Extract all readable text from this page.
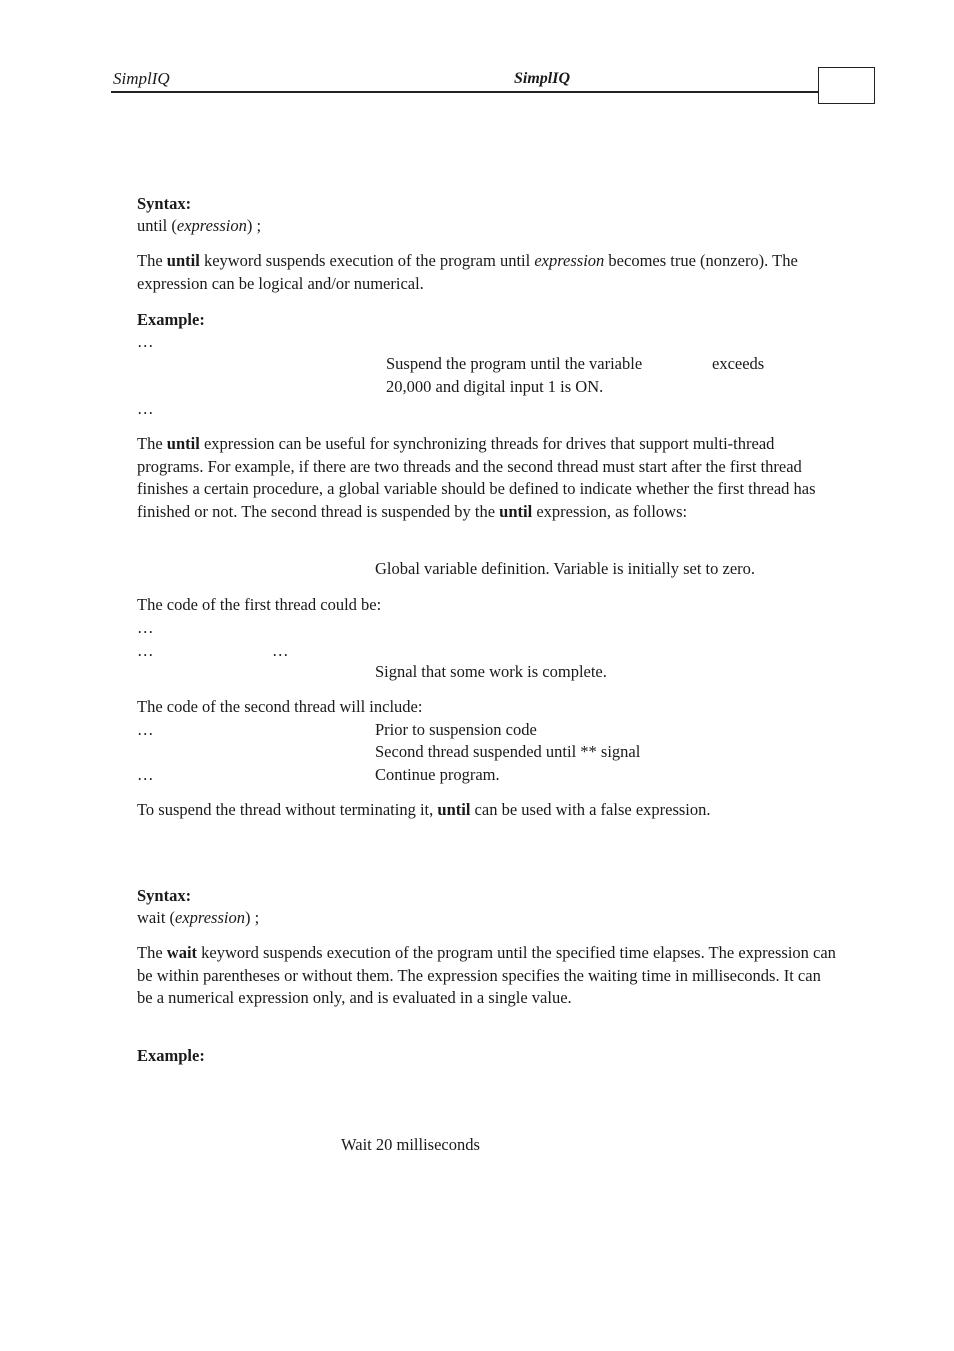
SimplIQ	SimplIQ
Syntax:
until (expression) ;
The until keyword suspends execution of the program until expression becomes true (nonzero). The expression can be logical and/or numerical.
Example:
…
Suspend the program until the variable	exceeds
20,000 and digital input 1 is ON.
…
The until expression can be useful for synchronizing threads for drives that support multi-thread programs. For example, if there are two threads and the second thread must start after the first thread finishes a certain procedure, a global variable should be defined to indicate whether the first thread has finished or not. The second thread is suspended by the until expression, as follows:
Global variable definition. Variable is initially set to zero.
The code of the first thread could be:
…
…	…
Signal that some work is complete.
The code of the second thread will include:
…	Prior to suspension code
Second thread suspended until ** signal
…	Continue program.
To suspend the thread without terminating it, until can be used with a false expression.
Syntax:
wait (expression) ;
The wait keyword suspends execution of the program until the specified time elapses. The expression can be within parentheses or without them. The expression specifies the waiting time in milliseconds. It can be a numerical expression only, and is evaluated in a single value.
Example:
Wait 20 milliseconds
